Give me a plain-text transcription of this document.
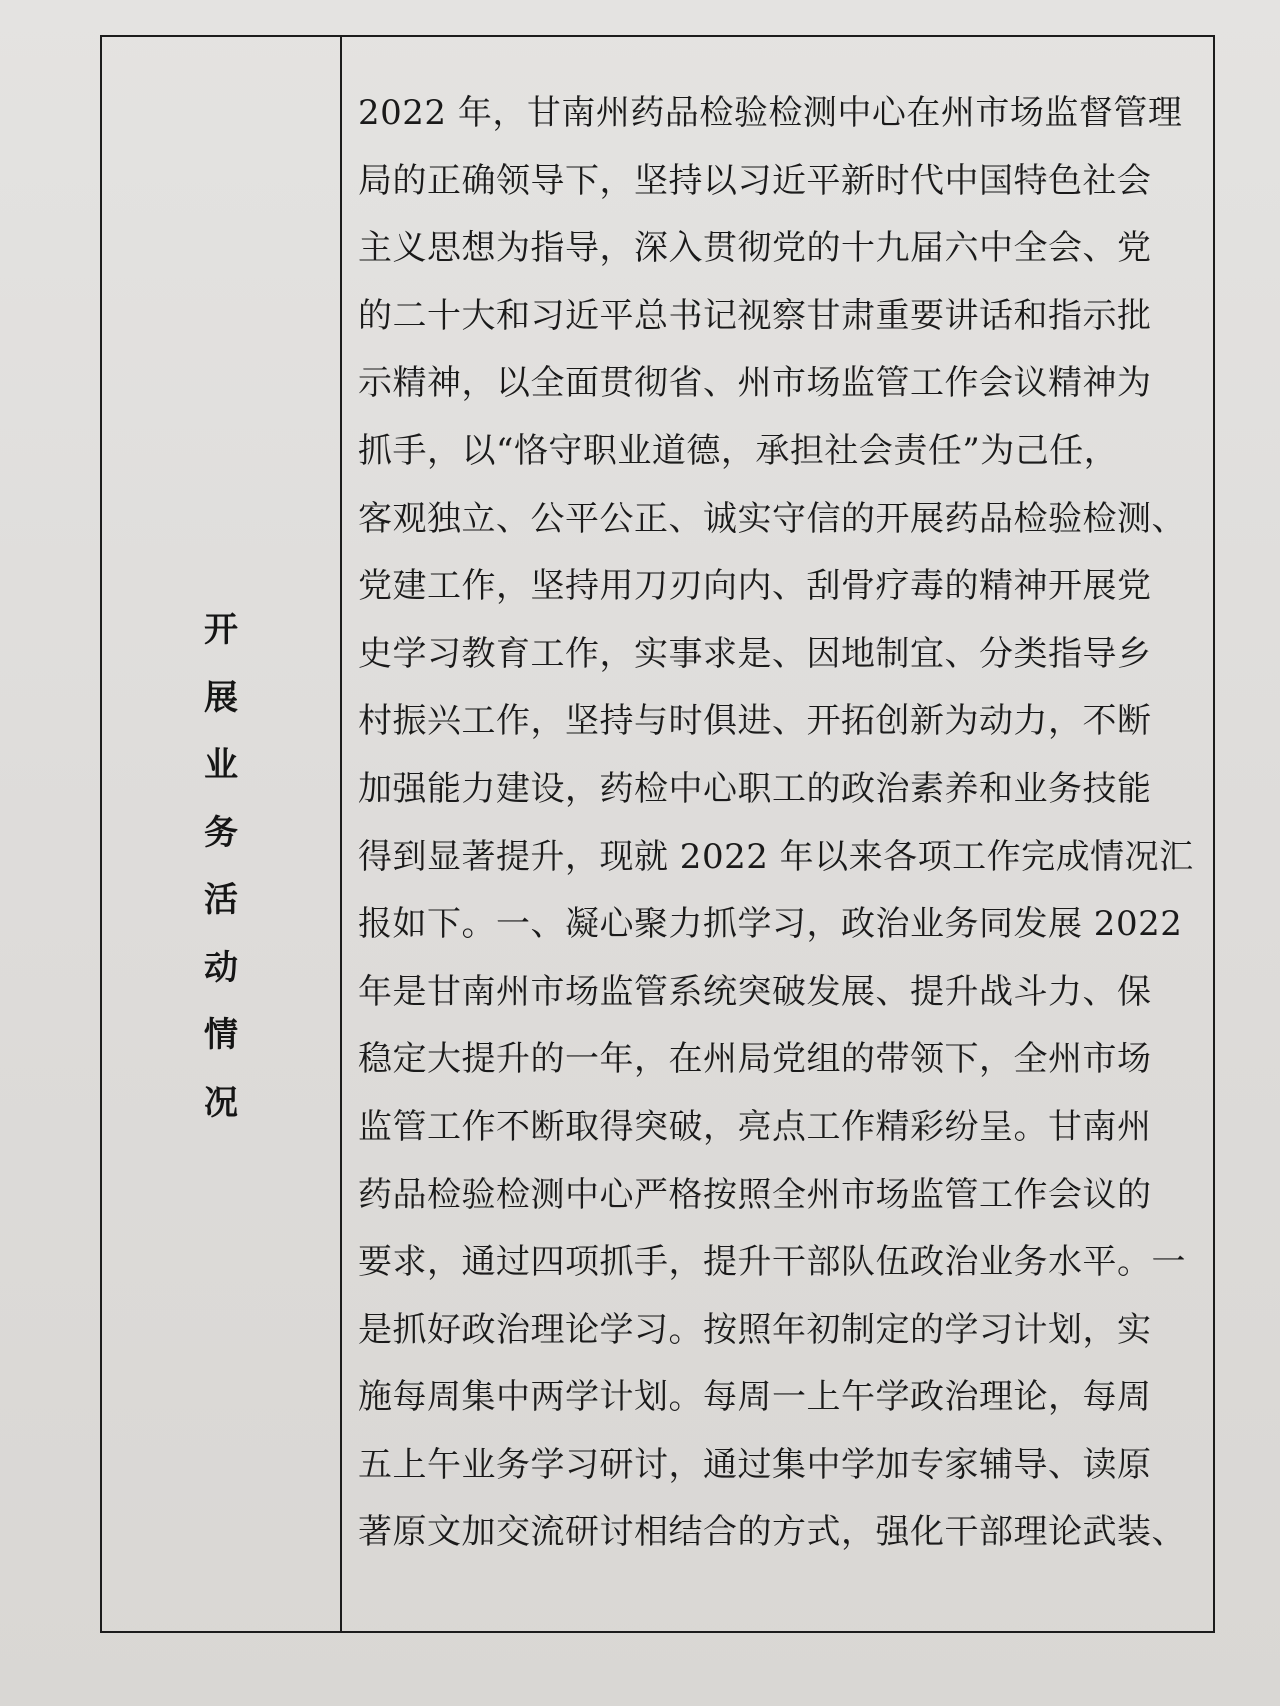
开
展
业
务
活
动
情
况
2022 年，甘南州药品检验检测中心在州市场监督管理
局的正确领导下，坚持以习近平新时代中国特色社会
主义思想为指导，深入贯彻党的十九届六中全会、党
的二十大和习近平总书记视察甘肃重要讲话和指示批
示精神，以全面贯彻省、州市场监管工作会议精神为
抓手，以“恪守职业道德，承担社会责任”为己任，
客观独立、公平公正、诚实守信的开展药品检验检测、
党建工作，坚持用刀刃向内、刮骨疗毒的精神开展党
史学习教育工作，实事求是、因地制宜、分类指导乡
村振兴工作，坚持与时俱进、开拓创新为动力，不断
加强能力建设，药检中心职工的政治素养和业务技能
得到显著提升，现就 2022 年以来各项工作完成情况汇
报如下。一、凝心聚力抓学习，政治业务同发展 2022
年是甘南州市场监管系统突破发展、提升战斗力、保
稳定大提升的一年，在州局党组的带领下，全州市场
监管工作不断取得突破，亮点工作精彩纷呈。甘南州
药品检验检测中心严格按照全州市场监管工作会议的
要求，通过四项抓手，提升干部队伍政治业务水平。一
是抓好政治理论学习。按照年初制定的学习计划，实
施每周集中两学计划。每周一上午学政治理论，每周
五上午业务学习研讨，通过集中学加专家辅导、读原
著原文加交流研讨相结合的方式，强化干部理论武装、
